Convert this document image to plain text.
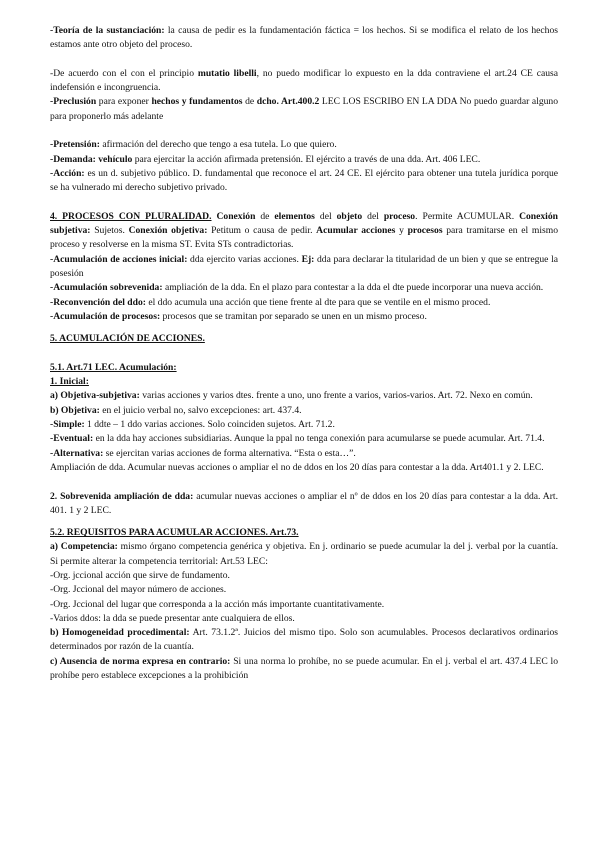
-Teoría de la sustanciación: la causa de pedir es la fundamentación fáctica = los hechos. Si se modifica el relato de los hechos estamos ante otro objeto del proceso.

-De acuerdo con el con el principio mutatio libelli, no puedo modificar lo expuesto en la dda contraviene el art.24 CE causa indefensión e incongruencia.

-Preclusión para exponer hechos y fundamentos de dcho. Art.400.2 LEC LOS ESCRIBO EN LA DDA No puedo guardar alguno para proponerlo más adelante

-Pretensión: afirmación del derecho que tengo a esa tutela. Lo que quiero.

-Demanda: vehículo para ejercitar la acción afirmada pretensión. El ejército a través de una dda. Art. 406 LEC.

-Acción: es un d. subjetivo público. D. fundamental que reconoce el art. 24 CE. El ejército para obtener una tutela jurídica porque se ha vulnerado mi derecho subjetivo privado.

4. PROCESOS CON PLURALIDAD. Conexión de elementos del objeto del proceso. Permite ACUMULAR. Conexión subjetiva: Sujetos. Conexión objetiva: Petitum o causa de pedir. Acumular acciones y procesos para tramitarse en el mismo proceso y resolverse en la misma ST. Evita STs contradictorias.

-Acumulación de acciones inicial: dda ejercito varias acciones. Ej: dda para declarar la titularidad de un bien y que se entregue la posesión

-Acumulación sobrevenida: ampliación de la dda. En el plazo para contestar a la dda el dte puede incorporar una nueva acción.

-Reconvención del ddo: el ddo acumula una acción que tiene frente al dte para que se ventile en el mismo proced.

-Acumulación de procesos: procesos que se tramitan por separado se unen en un mismo proceso.

5. ACUMULACIÓN DE ACCIONES.

5.1. Art.71 LEC. Acumulación:

1. Inicial:

a) Objetiva-subjetiva: varias acciones y varios dtes. frente a uno, uno frente a varios, varios-varios. Art. 72. Nexo en común.

b) Objetiva: en el juicio verbal no, salvo excepciones: art. 437.4.

-Simple: 1 ddte – 1 ddo varias acciones. Solo coinciden sujetos. Art. 71.2.

-Eventual: en la dda hay acciones subsidiarias. Aunque la ppal no tenga conexión para acumularse se puede acumular. Art. 71.4.

-Alternativa: se ejercitan varias acciones de forma alternativa. “Esta o esta…”.

Ampliación de dda. Acumular nuevas acciones o ampliar el no de ddos en los 20 días para contestar a la dda. Art401.1 y 2. LEC.

2. Sobrevenida ampliación de dda: acumular nuevas acciones o ampliar el nº de ddos en los 20 días para contestar a la dda. Art. 401. 1 y 2 LEC.

5.2. REQUISITOS PARA ACUMULAR ACCIONES. Art.73.

a) Competencia: mismo órgano competencia genérica y objetiva. En j. ordinario se puede acumular la del j. verbal por la cuantía. Si permite alterar la competencia territorial: Art.53 LEC:

-Org. jccional acción que sirve de fundamento.

-Org. Jccional del mayor número de acciones.

-Org. Jccional del lugar que corresponda a la acción más importante cuantitativamente.

-Varios ddos: la dda se puede presentar ante cualquiera de ellos.

b) Homogeneidad procedimental: Art. 73.1.2ª. Juicios del mismo tipo. Solo son acumulables. Procesos declarativos ordinarios determinados por razón de la cuantía.

c) Ausencia de norma expresa en contrario: Si una norma lo prohíbe, no se puede acumular. En el j. verbal el art. 437.4 LEC lo prohíbe pero establece excepciones a la prohibición
